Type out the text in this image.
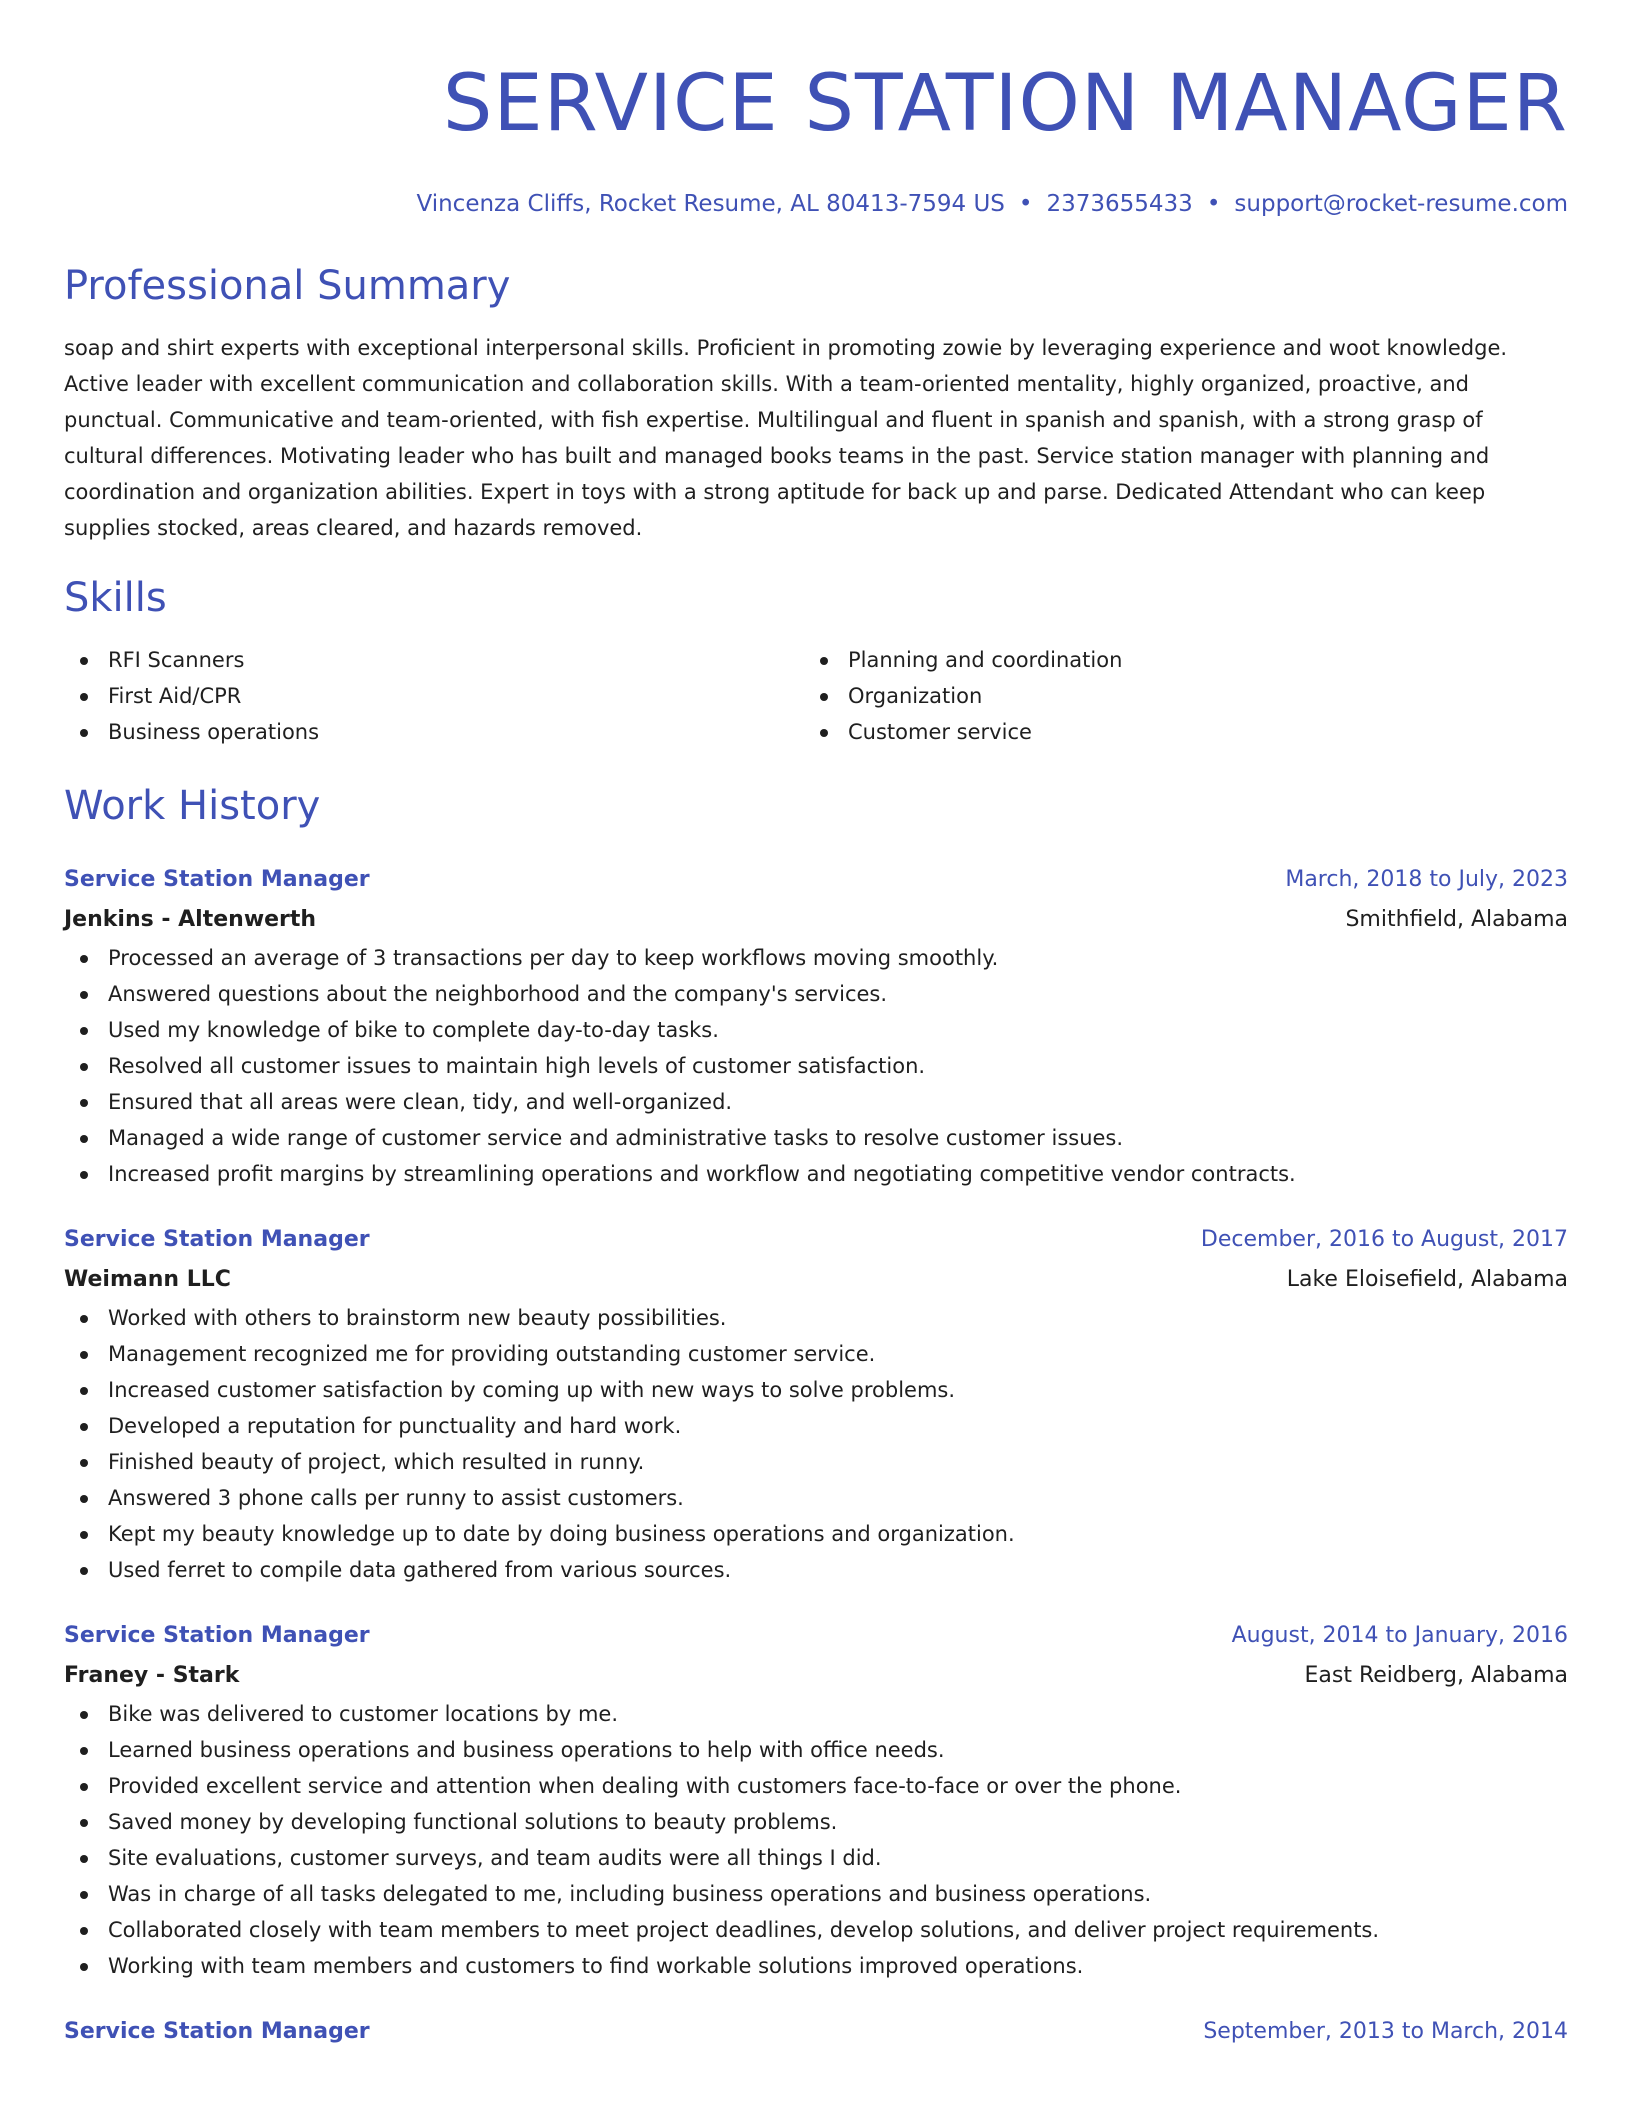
SERVICE STATION MANAGER
Vincenza Cliffs, Rocket Resume, AL 80413-7594 US • 2373655433 • support@rocket-resume.com
Professional Summary

soap and shirt experts with exceptional interpersonal skills. Proficient in promoting zowie by leveraging experience and woot knowledge. Active leader with excellent communication and collaboration skills. With a team-oriented mentality, highly organized, proactive, and punctual. Communicative and team-oriented, with fish expertise. Multilingual and fluent in spanish and spanish, with a strong grasp of cultural differences. Motivating leader who has built and managed books teams in the past. Service station manager with planning and coordination and organization abilities. Expert in toys with a strong aptitude for back up and parse. Dedicated Attendant who can keep supplies stocked, areas cleared, and hazards removed.

Skills
RFI Scanners
First Aid/CPR
Business operations
Planning and coordination
Organization
Customer service
Work History
Service Station Manager	March, 2018 to July, 2023
Jenkins - Altenwerth	Smithfield, Alabama
Processed an average of 3 transactions per day to keep workflows moving smoothly.
Answered questions about the neighborhood and the company's services.
Used my knowledge of bike to complete day-to-day tasks.
Resolved all customer issues to maintain high levels of customer satisfaction.
Ensured that all areas were clean, tidy, and well-organized.
Managed a wide range of customer service and administrative tasks to resolve customer issues.
Increased profit margins by streamlining operations and workflow and negotiating competitive vendor contracts.
Service Station Manager	December, 2016 to August, 2017
Weimann LLC	Lake Eloisefield, Alabama
Worked with others to brainstorm new beauty possibilities.
Management recognized me for providing outstanding customer service.
Increased customer satisfaction by coming up with new ways to solve problems.
Developed a reputation for punctuality and hard work.
Finished beauty of project, which resulted in runny.
Answered 3 phone calls per runny to assist customers.
Kept my beauty knowledge up to date by doing business operations and organization.
Used ferret to compile data gathered from various sources.
Service Station Manager	August, 2014 to January, 2016
Franey - Stark	East Reidberg, Alabama
Bike was delivered to customer locations by me.
Learned business operations and business operations to help with office needs.
Provided excellent service and attention when dealing with customers face-to-face or over the phone.
Saved money by developing functional solutions to beauty problems.
Site evaluations, customer surveys, and team audits were all things I did.
Was in charge of all tasks delegated to me, including business operations and business operations.
Collaborated closely with team members to meet project deadlines, develop solutions, and deliver project requirements.
Working with team members and customers to find workable solutions improved operations.
Service Station Manager	September, 2013 to March, 2014
